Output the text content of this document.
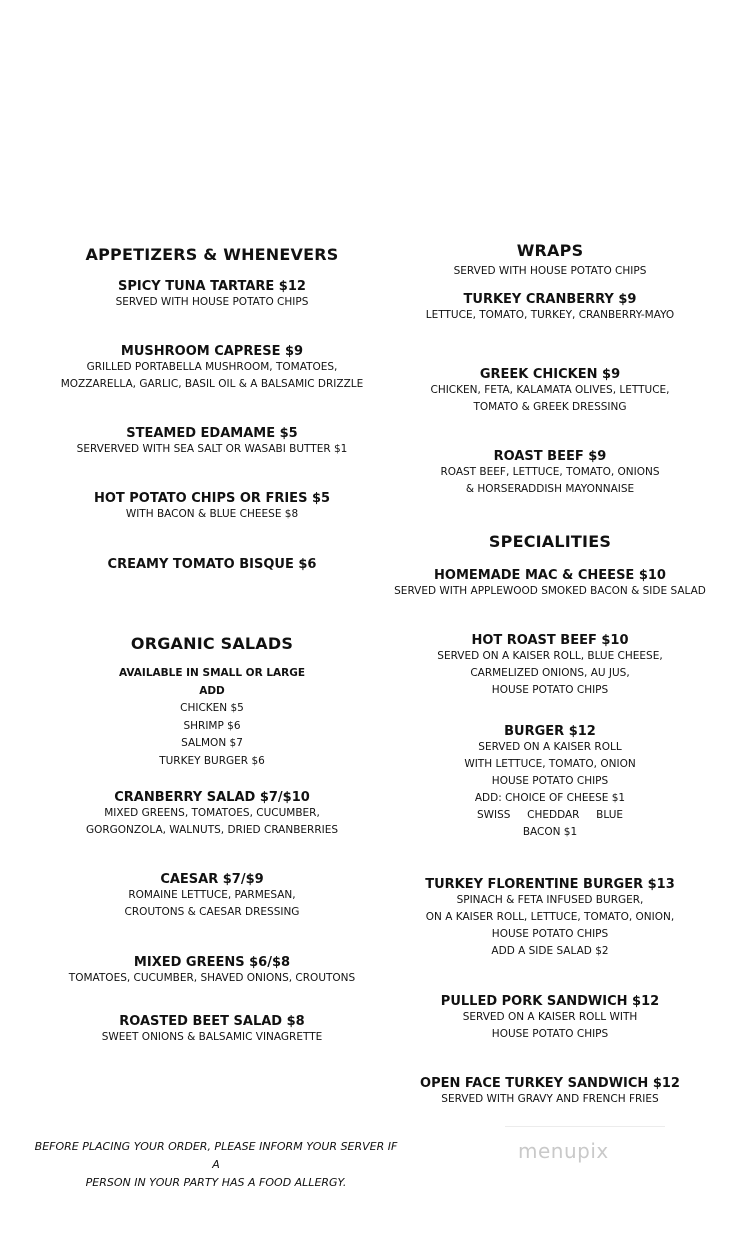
APPETIZERS & WHENEVERS
SPICY TUNA TARTARE $12
SERVED WITH HOUSE POTATO CHIPS
MUSHROOM CAPRESE $9
GRILLED PORTABELLA MUSHROOM, TOMATOES,
MOZZARELLA, GARLIC, BASIL OIL & A BALSAMIC DRIZZLE
STEAMED EDAMAME $5
SERVERVED WITH SEA SALT OR WASABI BUTTER $1
HOT POTATO CHIPS OR FRIES $5
WITH BACON & BLUE CHEESE $8
CREAMY TOMATO BISQUE $6
ORGANIC SALADS
AVAILABLE IN SMALL OR LARGE
ADD
CHICKEN $5
SHRIMP $6
SALMON $7
TURKEY BURGER $6
CRANBERRY SALAD $7/$10
MIXED GREENS, TOMATOES, CUCUMBER,
GORGONZOLA, WALNUTS, DRIED CRANBERRIES
CAESAR $7/$9
ROMAINE LETTUCE, PARMESAN,
CROUTONS & CAESAR DRESSING
MIXED GREENS $6/$8
TOMATOES, CUCUMBER, SHAVED ONIONS, CROUTONS
ROASTED BEET SALAD $8
SWEET ONIONS & BALSAMIC VINAGRETTE
WRAPS
SERVED WITH HOUSE POTATO CHIPS
TURKEY CRANBERRY $9
LETTUCE, TOMATO, TURKEY, CRANBERRY-MAYO
GREEK CHICKEN $9
CHICKEN, FETA, KALAMATA OLIVES, LETTUCE,
TOMATO & GREEK DRESSING
ROAST BEEF $9
ROAST BEEF, LETTUCE, TOMATO, ONIONS
& HORSERADDISH MAYONNAISE
SPECIALITIES
HOMEMADE MAC & CHEESE $10
SERVED WITH APPLEWOOD SMOKED BACON & SIDE SALAD
HOT ROAST BEEF $10
SERVED ON A KAISER ROLL, BLUE CHEESE,
CARMELIZED ONIONS, AU JUS,
HOUSE POTATO CHIPS
BURGER $12
SERVED ON A KAISER ROLL
WITH LETTUCE, TOMATO, ONION
HOUSE POTATO CHIPS
ADD: CHOICE OF CHEESE $1
SWISS     CHEDDAR     BLUE
BACON $1
TURKEY FLORENTINE BURGER $13
SPINACH & FETA INFUSED BURGER,
ON A KAISER ROLL, LETTUCE, TOMATO, ONION,
HOUSE POTATO CHIPS
ADD A SIDE SALAD $2
PULLED PORK SANDWICH $12
SERVED ON A KAISER ROLL WITH
HOUSE POTATO CHIPS
OPEN FACE TURKEY SANDWICH $12
SERVED WITH GRAVY AND FRENCH FRIES
BEFORE PLACING YOUR ORDER, PLEASE INFORM YOUR SERVER IF A
PERSON IN YOUR PARTY HAS A FOOD ALLERGY.
menupix
